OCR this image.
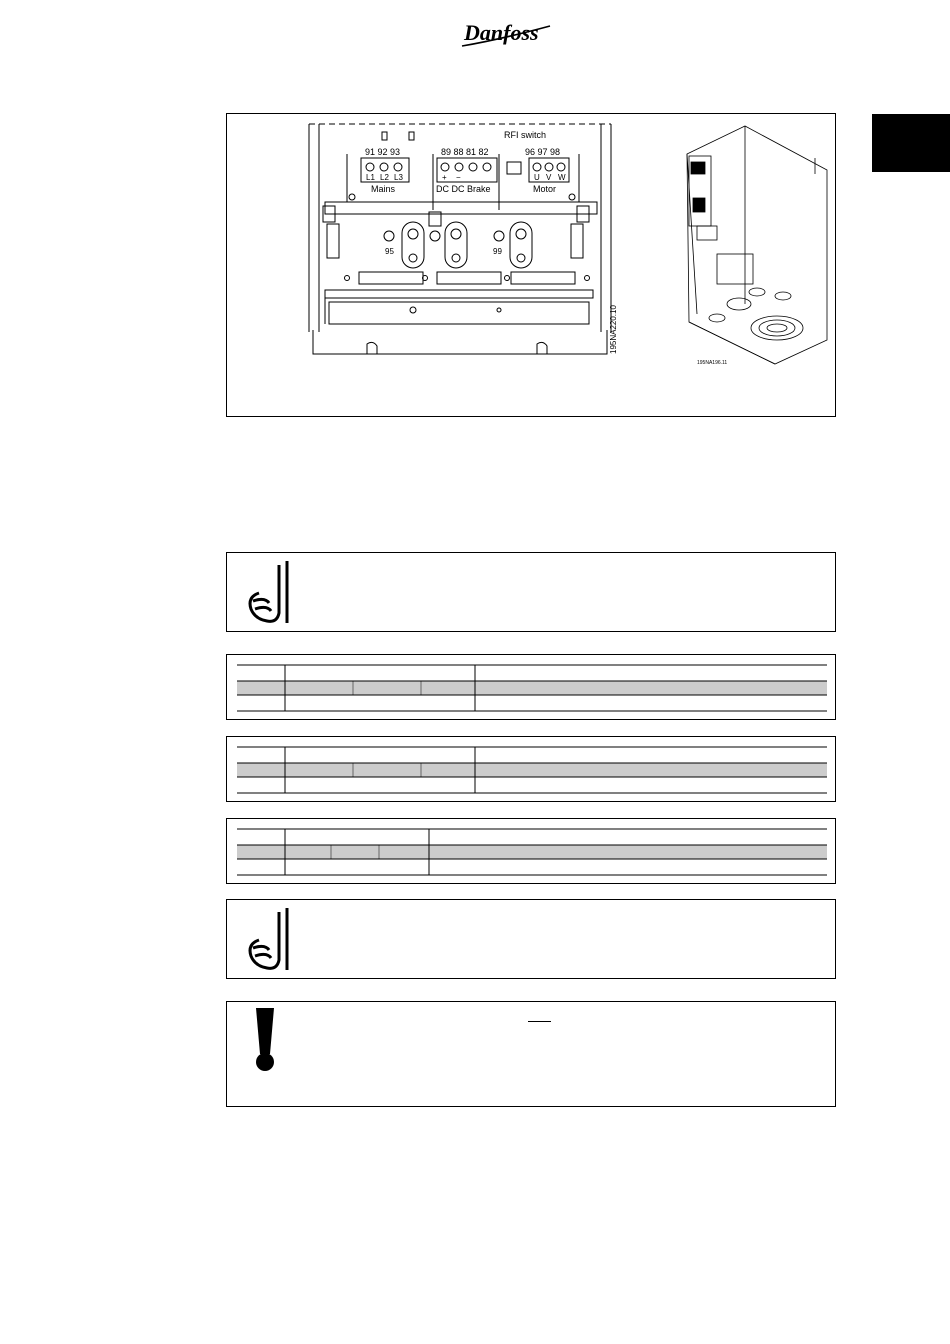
Danfoss
RFI switch
91 92 93	89 88 81 82	96 97 98
L1 L2 L3	+ −	U V W
Mains	DC DC Brake	Motor
95	99
195NA220.10
195NA196.11
